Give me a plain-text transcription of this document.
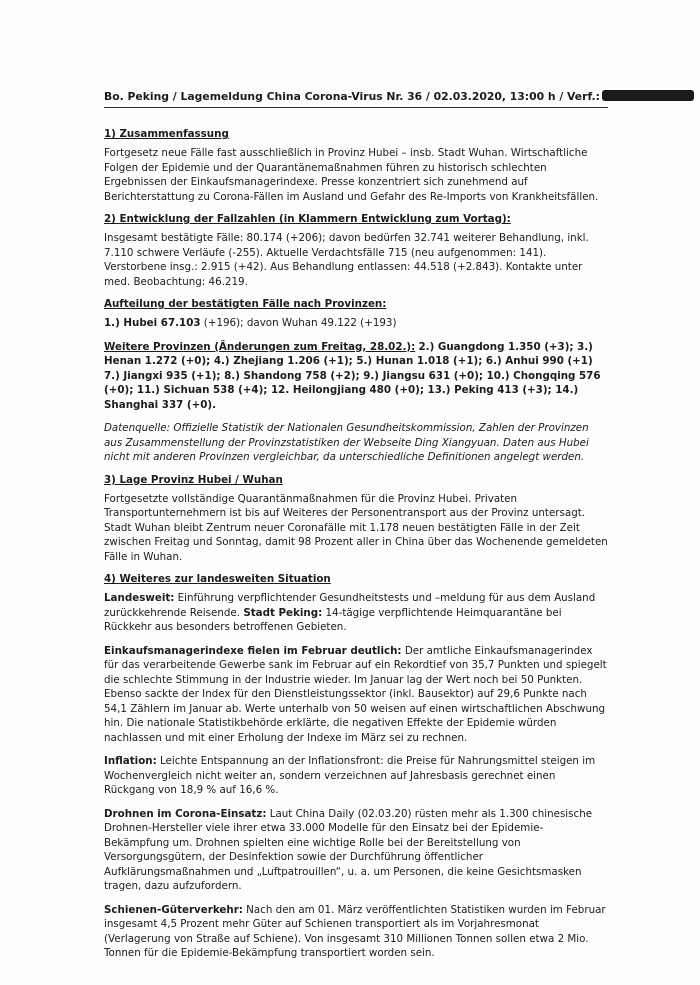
Bo. Peking / Lagemeldung China Corona-Virus Nr. 36 / 02.03.2020, 13:00 h / Verf.:
1) Zusammenfassung

Fortgesetz neue Fälle fast ausschließlich in Provinz Hubei – insb. Stadt Wuhan. Wirtschaftliche Folgen der Epidemie und der Quarantänemaßnahmen führen zu historisch schlechten Ergebnissen der Einkaufsmanagerindexe. Presse konzentriert sich zunehmend auf Berichterstattung zu Corona-Fällen im Ausland und Gefahr des Re-Imports von Krankheitsfällen.

2) Entwicklung der Fallzahlen (in Klammern Entwicklung zum Vortag):

Insgesamt bestätigte Fälle: 80.174 (+206); davon bedürfen 32.741 weiterer Behandlung, inkl. 7.110 schwere Verläufe (-255). Aktuelle Verdachtsfälle 715 (neu aufgenommen: 141). Verstorbene insg.: 2.915 (+42). Aus Behandlung entlassen: 44.518 (+2.843). Kontakte unter med. Beobachtung: 46.219.

Aufteilung der bestätigten Fälle nach Provinzen:

1.) Hubei 67.103 (+196); davon Wuhan 49.122 (+193)

Weitere Provinzen (Änderungen zum Freitag, 28.02.): 2.) Guangdong 1.350 (+3); 3.) Henan 1.272 (+0); 4.) Zhejiang 1.206 (+1); 5.) Hunan 1.018 (+1); 6.) Anhui 990 (+1) 7.) Jiangxi 935 (+1); 8.) Shandong 758 (+2); 9.) Jiangsu 631 (+0); 10.) Chongqing 576 (+0); 11.) Sichuan 538 (+4); 12. Heilongjiang 480 (+0); 13.) Peking 413 (+3); 14.) Shanghai 337 (+0).

Datenquelle: Offizielle Statistik der Nationalen Gesundheitskommission, Zahlen der Provinzen aus Zusammenstellung der Provinzstatistiken der Webseite Ding Xiangyuan. Daten aus Hubei nicht mit anderen Provinzen vergleichbar, da unterschiedliche Definitionen angelegt werden.

3) Lage Provinz Hubei / Wuhan

Fortgesetzte vollständige Quarantänmaßnahmen für die Provinz Hubei. Privaten Transportunternehmern ist bis auf Weiteres der Personentransport aus der Provinz untersagt. Stadt Wuhan bleibt Zentrum neuer Coronafälle mit 1.178 neuen bestätigten Fälle in der Zeit zwischen Freitag und Sonntag, damit 98 Prozent aller in China über das Wochenende gemeldeten Fälle in Wuhan.

4) Weiteres zur landesweiten Situation

Landesweit: Einführung verpflichtender Gesundheitstests und –meldung für aus dem Ausland zurückkehrende Reisende. Stadt Peking: 14-tägige verpflichtende Heimquarantäne bei Rückkehr aus besonders betroffenen Gebieten.

Einkaufsmanagerindexe fielen im Februar deutlich: Der amtliche Einkaufsmanagerindex für das verarbeitende Gewerbe sank im Februar auf ein Rekordtief von 35,7 Punkten und spiegelt die schlechte Stimmung in der Industrie wieder. Im Januar lag der Wert noch bei 50 Punkten. Ebenso sackte der Index für den Dienstleistungssektor (inkl. Bausektor) auf 29,6 Punkte nach 54,1 Zählern im Januar ab. Werte unterhalb von 50 weisen auf einen wirtschaftlichen Abschwung hin. Die nationale Statistikbehörde erklärte, die negativen Effekte der Epidemie würden nachlassen und mit einer Erholung der Indexe im März sei zu rechnen.

Inflation: Leichte Entspannung an der Inflationsfront: die Preise für Nahrungsmittel steigen im Wochenvergleich nicht weiter an, sondern verzeichnen auf Jahresbasis gerechnet einen Rückgang von 18,9 % auf 16,6 %.

Drohnen im Corona-Einsatz: Laut China Daily (02.03.20) rüsten mehr als 1.300 chinesische Drohnen-Hersteller viele ihrer etwa 33.000 Modelle für den Einsatz bei der Epidemie-Bekämpfung um. Drohnen spielten eine wichtige Rolle bei der Bereitstellung von Versorgungsgütern, der Desinfektion sowie der Durchführung öffentlicher Aufklärungsmaßnahmen und „Luftpatrouillen“, u. a. um Personen, die keine Gesichtsmasken tragen, dazu aufzufordern.

Schienen-Güterverkehr: Nach den am 01. März veröffentlichten Statistiken wurden im Februar insgesamt 4,5 Prozent mehr Güter auf Schienen transportiert als im Vorjahresmonat (Verlagerung von Straße auf Schiene). Von insgesamt 310 Millionen Tonnen sollen etwa 2 Mio. Tonnen für die Epidemie-Bekämpfung transportiert worden sein.
